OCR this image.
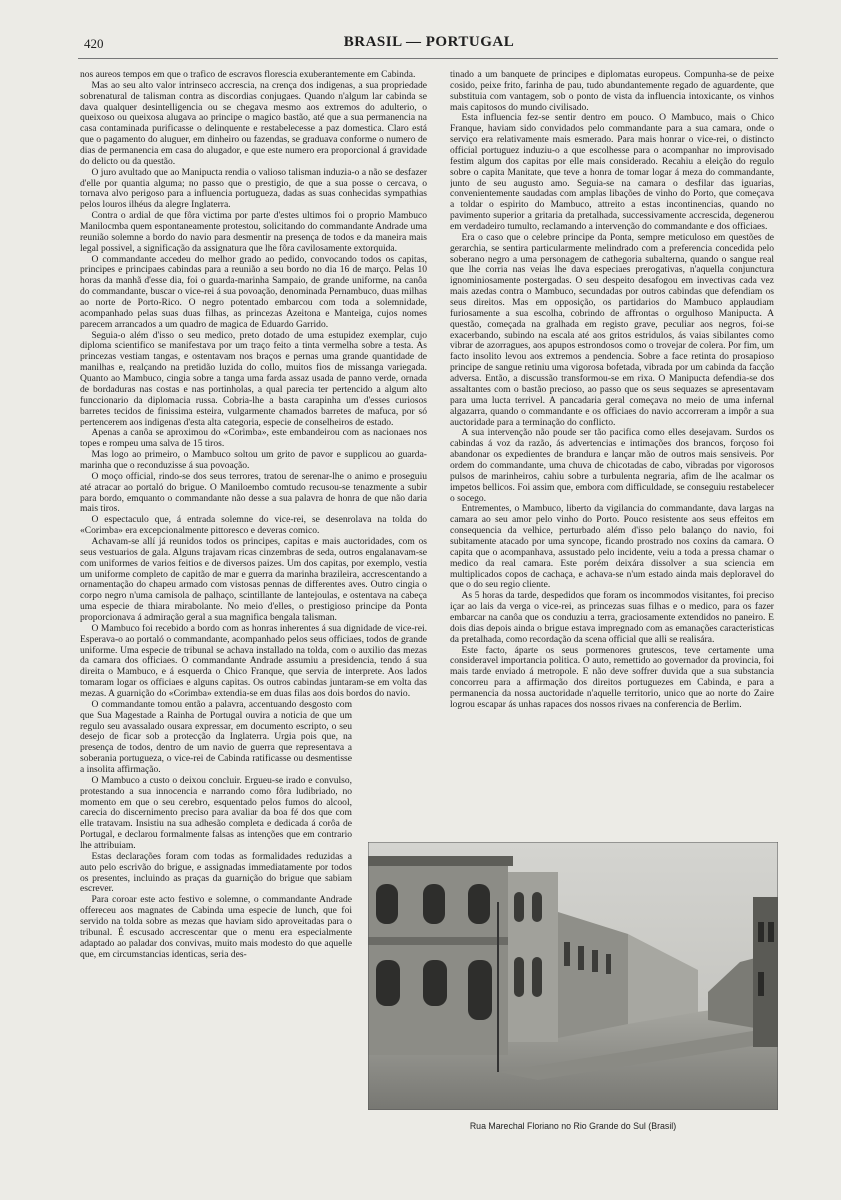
420	BRASIL — PORTUGAL

nos aureos tempos em que o trafico de escravos florescia exuberantemente em Cabinda.

Mas ao seu alto valor intrinseco accrescia, na crença dos indigenas, a sua propriedade sobrenatural de talisman contra as discordias conjugaes. Quando n'algum lar cabinda se dava qualquer desintelligencia ou se chegava mesmo aos extremos do adulterio, o queixoso ou queixosa alugava ao principe o magico bastão, até que a sua permanencia na casa contaminada purificasse o delinquente e restabelecesse a paz domestica. Claro está que o pagamento do aluguer, em dinheiro ou fazendas, se graduava conforme o numero de dias de permanencia em casa do alugador, e que este numero era proporcional á gravidade do delicto ou da questão.

O juro avultado que ao Manipucta rendia o valioso talisman induzia-o a não se desfazer d'elle por quantia alguma; no passo que o prestigio, de que a sua posse o cercava, o tornava alvo perigoso para a influencia portugueza, dadas as suas conhecidas sympathias pelos louros ilhéus da alegre Inglaterra.

Contra o ardial de que fôra victima por parte d'estes ultimos foi o proprio Mambuco Manilocmba quem espontaneamente protestou, solicitando do commandante Andrade uma reunião solemne a bordo do navio para desmentir na presença de todos e da maneira mais legal possivel, a significação da assignatura que lhe fôra cavilosamente extorquida.

O commandante accedeu do melhor grado ao pedido, convocando todos os capitas, principes e principaes cabindas para a reunião a seu bordo no dia 16 de março. Pelas 10 horas da manhã d'esse dia, foi o guarda-marinha Sampaio, de grande uniforme, na canôa do commandante, buscar o vice-rei á sua povoação, denominada Pernambuco, duas milhas ao norte de Porto-Rico. O negro potentado embarcou com toda a solemnidade, acompanhado pelas suas duas filhas, as princezas Azeitona e Manteiga, cujos nomes parecem arrancados a um quadro de magica de Eduardo Garrido.

Seguia-o além d'isso o seu medico, preto dotado de uma estupidez exemplar, cujo diploma scientifico se manifestava por um traço feito a tinta vermelha sobre a testa. As princezas vestiam tangas, e ostentavam nos braços e pernas uma grande quantidade de manilhas e, realçando na pretidão luzida do collo, muitos fios de missanga variegada. Quanto ao Mambuco, cingia sobre a tanga uma farda assaz usada de panno verde, ornada de bordaduras nas costas e nas portinholas, a qual parecia ter pertencido a algum alto funccionario da diplomacia russa. Cobria-lhe a basta carapinha um d'esses curiosos barretes tecidos de finissima esteira, vulgarmente chamados barretes de mafuca, por só pertencerem aos indigenas d'esta alta categoria, especie de conselheiros de estado.

Apenas a canôa se aproximou do «Corimba», este embandeirou com as nacionaes nos topes e rompeu uma salva de 15 tiros.

Mas logo ao primeiro, o Mambuco soltou um grito de pavor e supplicou ao guarda-marinha que o reconduzisse á sua povoação.

O moço official, rindo-se dos seus terrores, tratou de serenar-lhe o animo e proseguiu até atracar ao portaló do brigue. O Maniloembo comtudo recusou-se tenazmente a subir para bordo, emquanto o commandante não desse a sua palavra de honra de que não daria mais tiros.

O espectaculo que, á entrada solemne do vice-rei, se desenrolava na tolda do «Corimba» era excepcionalmente pittoresco e deveras comico.

Achavam-se allí já reunidos todos os principes, capitas e mais auctoridades, com os seus vestuarios de gala. Alguns trajavam ricas cinzembras de seda, outros engalanavam-se com uniformes de varios feitios e de diversos paizes. Um dos capitas, por exemplo, vestia um uniforme completo de capitão de mar e guerra da marinha brazileira, accrescentando a ornamentação do chapeu armado com vistosas pennas de differentes aves. Outro cingia o corpo negro n'uma camisola de palhaço, scintillante de lantejoulas, e ostentava na cabeça uma especie de thiara mirabolante. No meio d'elles, o prestigioso principe da Ponta proporcionava á admiração geral a sua magnifica bengala talisman.

O Mambuco foi recebido a bordo com as honras inherentes á sua dignidade de vice-rei. Esperava-o ao portaló o commandante, acompanhado pelos seus officiaes, todos de grande uniforme. Uma especie de tribunal se achava installado na tolda, com o auxilio das mezas da camara dos officiaes. O commandante Andrade assumiu a presidencia, tendo á sua direita o Mambuco, e á esquerda o Chico Franque, que servia de interprete. Aos lados tomaram logar os officiaes e alguns capitas. Os outros cabindas juntaram-se em volta das mezas. A guarnição do «Corimba» extendia-se em duas filas aos dois bordos do navio.

O commandante tomou então a palavra, accentuando desgosto com que Sua Magestade a Rainha de Portugal ouvira a noticia de que um regulo seu avassalado ousara expressar, em documento escripto, o seu desejo de ficar sob a protecção da Inglaterra. Urgia pois que, na presença de todos, dentro de um navio de guerra que representava a soberania portugueza, o vice-rei de Cabinda ratificasse ou desmentisse a insolita affirmação.

O Mambuco a custo o deixou concluir. Ergueu-se irado e convulso, protestando a sua innocencia e narrando como fôra ludibriado, no momento em que o seu cerebro, esquentado pelos fumos do alcool, carecia do discernimento preciso para avaliar da boa fé dos que com elle tratavam. Insistiu na sua adhesão completa e dedicada á corôa de Portugal, e declarou formalmente falsas as intenções que em contrario lhe attribuiam.

Estas declarações foram com todas as formalidades reduzidas a auto pelo escrivão do brigue, e assignadas immediatamente por todos os presentes, incluindo as praças da guarnição do brigue que sabiam escrever.

Para coroar este acto festivo e solemne, o commandante Andrade offereceu aos magnates de Cabinda uma especie de lunch, que foi servido na tolda sobre as mezas que haviam sido aproveitadas para o tribunal. É escusado accrescentar que o menu era especialmente adaptado ao paladar dos convivas, muito mais modesto do que aquelle que, em circumstancias identicas, seria des-

tinado a um banquete de principes e diplomatas europeus. Compunha-se de peixe cosido, peixe frito, farinha de pau, tudo abundantemente regado de aguardente, que substituia com vantagem, sob o ponto de vista da influencia intoxicante, os vinhos mais capitosos do mundo civilisado.

Esta influencia fez-se sentir dentro em pouco. O Mambuco, mais o Chico Franque, haviam sido convidados pelo commandante para a sua camara, onde o serviço era relativamente mais esmerado. Para mais honrar o vice-rei, o distincto official portuguez induziu-o a que escolhesse para o acompanhar no improvisado festim algum dos capitas por elle mais considerado. Recahiu a eleição do regulo sobre o capita Manitate, que teve a honra de tomar logar á meza do commandante, junto de seu augusto amo. Seguia-se na camara o desfilar das iguarias, convenientemente saudadas com amplas libações de vinho do Porto, que começava a toldar o espirito do Mambuco, attreito a estas incontinencias, quando no pavimento superior a gritaria da pretalhada, successivamente accrescida, degenerou em verdadeiro tumulto, reclamando a intervenção do commandante e dos officiaes.

Era o caso que o celebre principe da Ponta, sempre meticuloso em questões de gerarchia, se sentira particularmente melindrado com a preferencia concedida pelo soberano negro a uma personagem de cathegoria subalterna, quando o sangue real que lhe corria nas veias lhe dava especiaes prerogativas, n'aquella conjunctura ignominiosamente postergadas. O seu despeito desafogou em invectivas cada vez mais azedas contra o Mambuco, secundadas por outros cabindas que defendiam os seus direitos. Mas em opposição, os partidarios do Mambuco applaudiam furiosamente a sua escolha, cobrindo de affrontas o orgulhoso Manipucta. A questão, começada na gralhada em registo grave, peculiar aos negros, foi-se exacerbando, subindo na escala até aos gritos estridulos, ás vaias sibilantes como vibrar de azorragues, aos apupos estrondosos como o trovejar de colera. Por fim, um facto insolito levou aos extremos a pendencia. Sobre a face retinta do prosapioso principe de sangue retiniu uma vigorosa bofetada, vibrada por um cabinda da facção adversa. Então, a discussão transformou-se em rixa. O Manipucta defendia-se dos assaltantes com o bastão precioso, ao passo que os seus sequazes se apresentavam para uma lucta terrivel. A pancadaria geral começava no meio de uma infernal algazarra, quando o commandante e os officiaes do navio accorreram a impôr a sua auctoridade para a terminação do conflicto.

A sua intervenção não poude ser tão pacifica como elles desejavam. Surdos os cabindas á voz da razão, ás advertencias e intimações dos brancos, forçoso foi abandonar os expedientes de brandura e lançar mão de outros mais sensiveis. Por ordem do commandante, uma chuva de chicotadas de cabo, vibradas por vigorosos pulsos de marinheiros, cahiu sobre a turbulenta negraria, afim de lhe acalmar os impetos bellicos. Foi assim que, embora com difficuldade, se conseguiu restabelecer o socego.

Entrementes, o Mambuco, liberto da vigilancia do commandante, dava largas na camara ao seu amor pelo vinho do Porto. Pouco resistente aos seus effeitos em consequencia da velhice, perturbado além d'isso pelo balanço do navio, foi subitamente atacado por uma syncope, ficando prostrado nos coxins da camara. O capita que o acompanhava, assustado pelo incidente, veiu a toda a pressa chamar o medico da real camara. Este porém deixára dissolver a sua sciencia em multiplicados copos de cachaça, e achava-se n'um estado ainda mais deploravel do que o do seu regio cliente.

As 5 horas da tarde, despedidos que foram os incommodos visitantes, foi preciso içar ao lais da verga o vice-rei, as princezas suas filhas e o medico, para os fazer embarcar na canôa que os conduziu a terra, graciosamente extendidos no paneiro. E dois dias depois ainda o brigue estava impregnado com as emanações caracteristicas da pretalhada, como recordação da scena official que alli se realisára.

Este facto, áparte os seus pormenores grutescos, teve certamente uma consideravel importancia politica. O auto, remettido ao governador da provincia, foi mais tarde enviado á metropole. E não deve soffrer duvida que a sua substancia concorreu para a affirmação dos direitos portuguezes em Cabinda, e para a permanencia da nossa auctoridade n'aquelle territorio, unico que ao norte do Zaire logrou escapar ás unhas rapaces dos nossos rivaes na conferencia de Berlim.

Rua Marechal Floriano no Rio Grande do Sul (Brasil)
